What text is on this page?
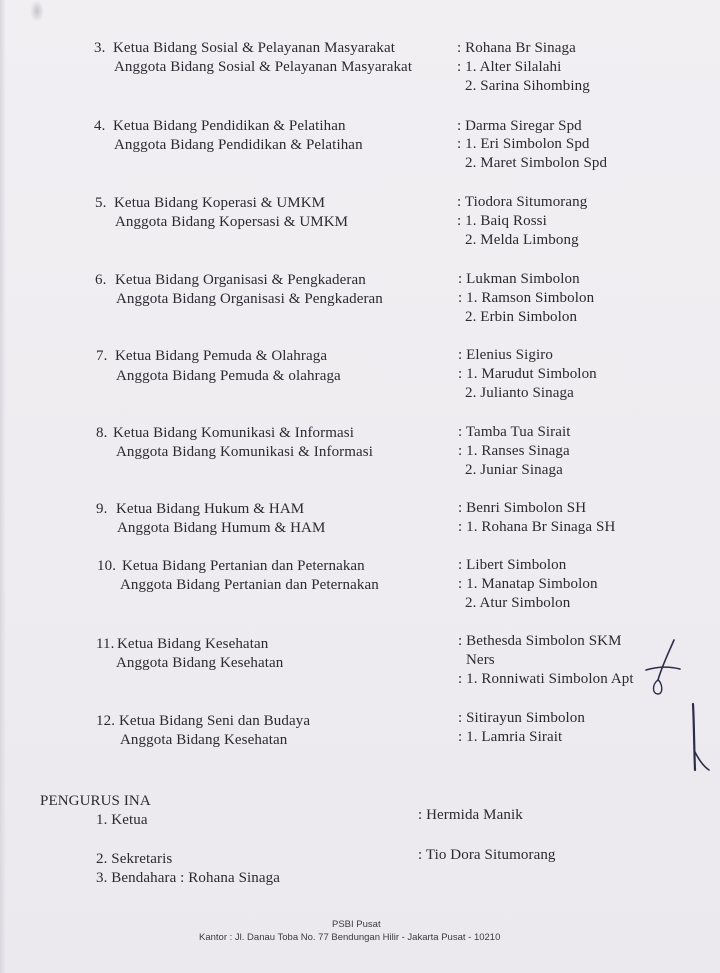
3. Ketua Bidang Sosial & Pelayanan Masyarakat
Anggota Bidang Sosial & Pelayanan Masyarakat
: Rohana Br Sinaga
: 1. Alter Silalahi
2. Sarina Sihombing
4. Ketua Bidang Pendidikan & Pelatihan
Anggota Bidang Pendidikan & Pelatihan
: Darma Siregar Spd
: 1. Eri Simbolon Spd
2. Maret Simbolon Spd
5. Ketua Bidang Koperasi & UMKM
Anggota Bidang Kopersasi & UMKM
: Tiodora Situmorang
: 1. Baiq Rossi
2. Melda Limbong
6. Ketua Bidang Organisasi & Pengkaderan
Anggota Bidang Organisasi & Pengkaderan
: Lukman Simbolon
: 1. Ramson Simbolon
2. Erbin Simbolon
7. Ketua Bidang Pemuda & Olahraga
Anggota Bidang Pemuda & olahraga
: Elenius Sigiro
: 1. Marudut Simbolon
2. Julianto Sinaga
8. Ketua Bidang Komunikasi & Informasi
Anggota Bidang Komunikasi & Informasi
: Tamba Tua Sirait
: 1. Ranses Sinaga
2. Juniar Sinaga
9. Ketua Bidang Hukum & HAM
Anggota Bidang Humum & HAM
: Benri Simbolon SH
: 1. Rohana Br Sinaga SH
10. Ketua Bidang Pertanian dan Peternakan
Anggota Bidang Pertanian dan Peternakan
: Libert Simbolon
: 1. Manatap Simbolon
2. Atur Simbolon
11. Ketua Bidang Kesehatan
Anggota Bidang Kesehatan
: Bethesda Simbolon SKM
Ners
: 1. Ronniwati Simbolon Apt
12. Ketua Bidang Seni dan Budaya
Anggota Bidang Kesehatan
: Sitirayun Simbolon
: 1. Lamria Sirait
PENGURUS INA
1. Ketua	: Hermida Manik
2. Sekretaris	: Tio Dora Situmorang
3. Bendahara : Rohana Sinaga
PSBI Pusat
Kantor : Jl. Danau Toba No. 77 Bendungan Hilir - Jakarta Pusat - 10210
